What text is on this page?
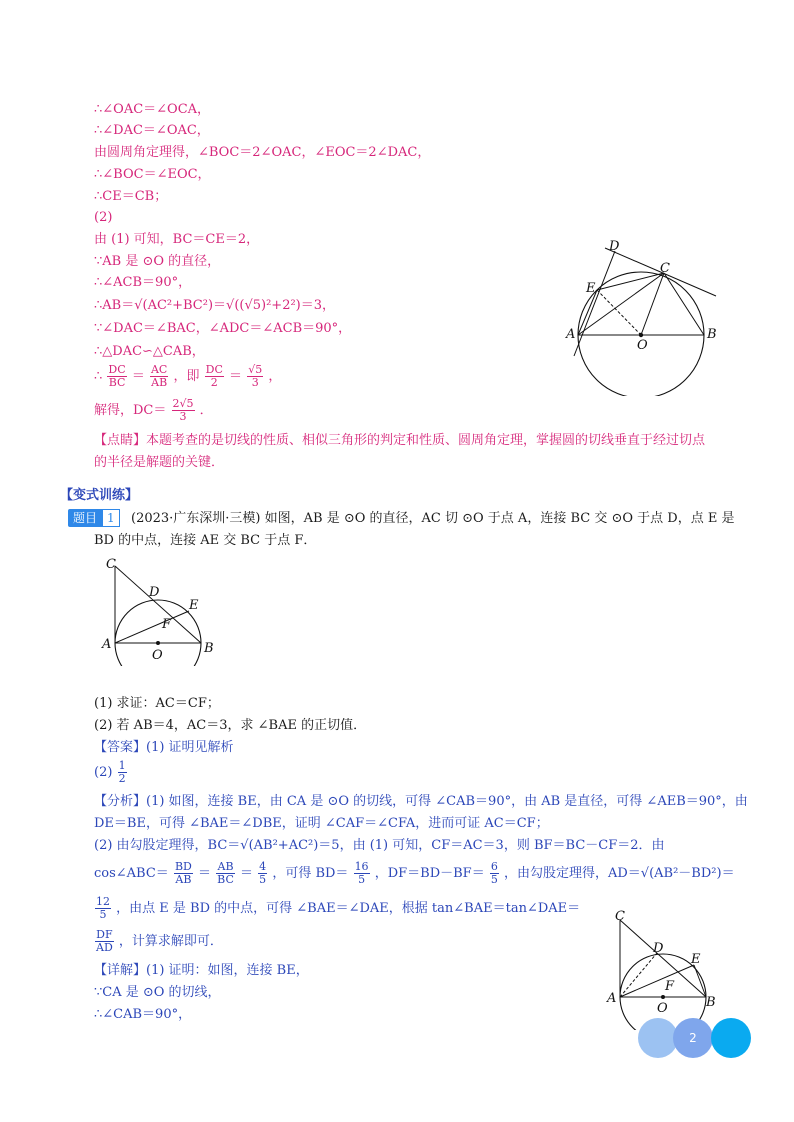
∴∠OAC＝∠OCA，
∴∠DAC＝∠OAC，
由圆周角定理得，∠BOC＝2∠OAC，∠EOC＝2∠DAC，
∴∠BOC＝∠EOC，
∴CE＝CB；
(2)
由 (1) 可知，BC＝CE＝2，
∵AB 是 ⊙O 的直径，
∴∠ACB＝90°，
∴AB＝√(AC²+BC²)＝√((√5)²+2²)＝3，
∵∠DAC＝∠BAC，∠ADC＝∠ACB＝90°，
∴△DAC∽△CAB，
∴ $\frac{DC}{BC} = \frac{AC}{AB}$ ，即 $\frac{DC}{2} = \frac{√5}{3}$ ，
解得，$DC= \frac{2√5}{3}$ ．
【点睛】本题考查的是切线的性质、相似三角形的判定和性质、圆周角定理，掌握圆的切线垂直于经过切点
的半径是解题的关键．
A	B
C
D
E
O
【变式训练】
题目 1	(2023·广东深圳·三模) 如图，AB 是 ⊙O 的直径，AC 切 ⊙O 于点 A，连接 BC 交 ⊙O 于点 D，点 E 是
BD 的中点，连接 AE 交 BC 于点 F．
A	B
C
D
E
F
O
(1) 求证：AC＝CF；
(2) 若 AB＝4，AC＝3，求 ∠BAE 的正切值．
【答案】(1) 证明见解析
$(2) \frac{1}{2}$
【分析】(1) 如图，连接 BE，由 CA 是 ⊙O 的切线，可得 ∠CAB＝90°，由 AB 是直径，可得 ∠AEB＝90°，由
DE＝BE，可得 ∠BAE＝∠DBE，证明 ∠CAF＝∠CFA，进而可证 AC＝CF；
(2) 由勾股定理得，BC＝√(AB²+AC²)＝5，由 (1) 可知，CF＝AC＝3，则 BF＝BC－CF＝2．由
cos∠ABC＝ $\frac{BD}{AB} = \frac{AB}{BC} = \frac{4}{5}$ ，可得 $BD= \frac{16}{5}$ ，$DF=BD-BF= \frac{6}{5}$ ，由勾股定理得，AD＝√(AB²－BD²)＝
$\frac{12}{5}$ ，由点 E 是 BD 的中点，可得 ∠BAE＝∠DAE，根据 tan∠BAE＝tan∠DAE＝
$\frac{DF}{AD}$ ，计算求解即可．
【详解】(1) 证明：如图，连接 BE，
∵CA 是 ⊙O 的切线，
∴∠CAB＝90°，
A	B
C
D
E
F
O
2
